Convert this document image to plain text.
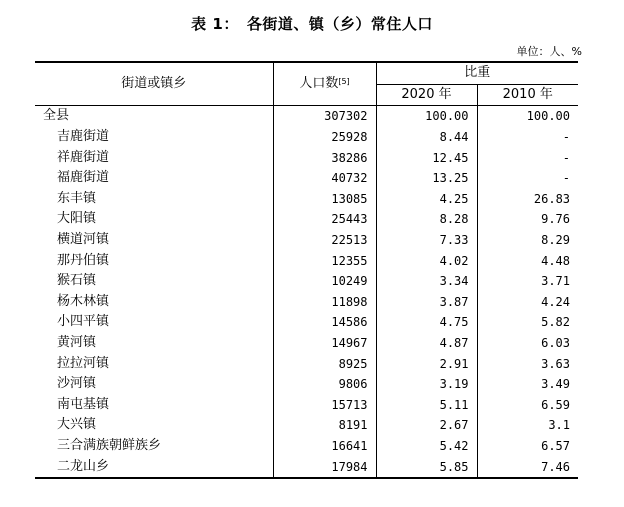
表 1：　各街道、镇（乡）常住人口
单位：人、%
街道或镇乡	人口数[5]	比重	
		2020 年	2010 年
全县	307302	100.00	100.00
吉鹿街道	25928	8.44	-
祥鹿街道	38286	12.45	-
福鹿街道	40732	13.25	-
东丰镇	13085	4.25	26.83
大阳镇	25443	8.28	9.76
横道河镇	22513	7.33	8.29
那丹伯镇	12355	4.02	4.48
猴石镇	10249	3.34	3.71
杨木林镇	11898	3.87	4.24
小四平镇	14586	4.75	5.82
黄河镇	14967	4.87	6.03
拉拉河镇	8925	2.91	3.63
沙河镇	9806	3.19	3.49
南屯基镇	15713	5.11	6.59
大兴镇	8191	2.67	3.1
三合满族朝鲜族乡	16641	5.42	6.57
二龙山乡	17984	5.85	7.46
